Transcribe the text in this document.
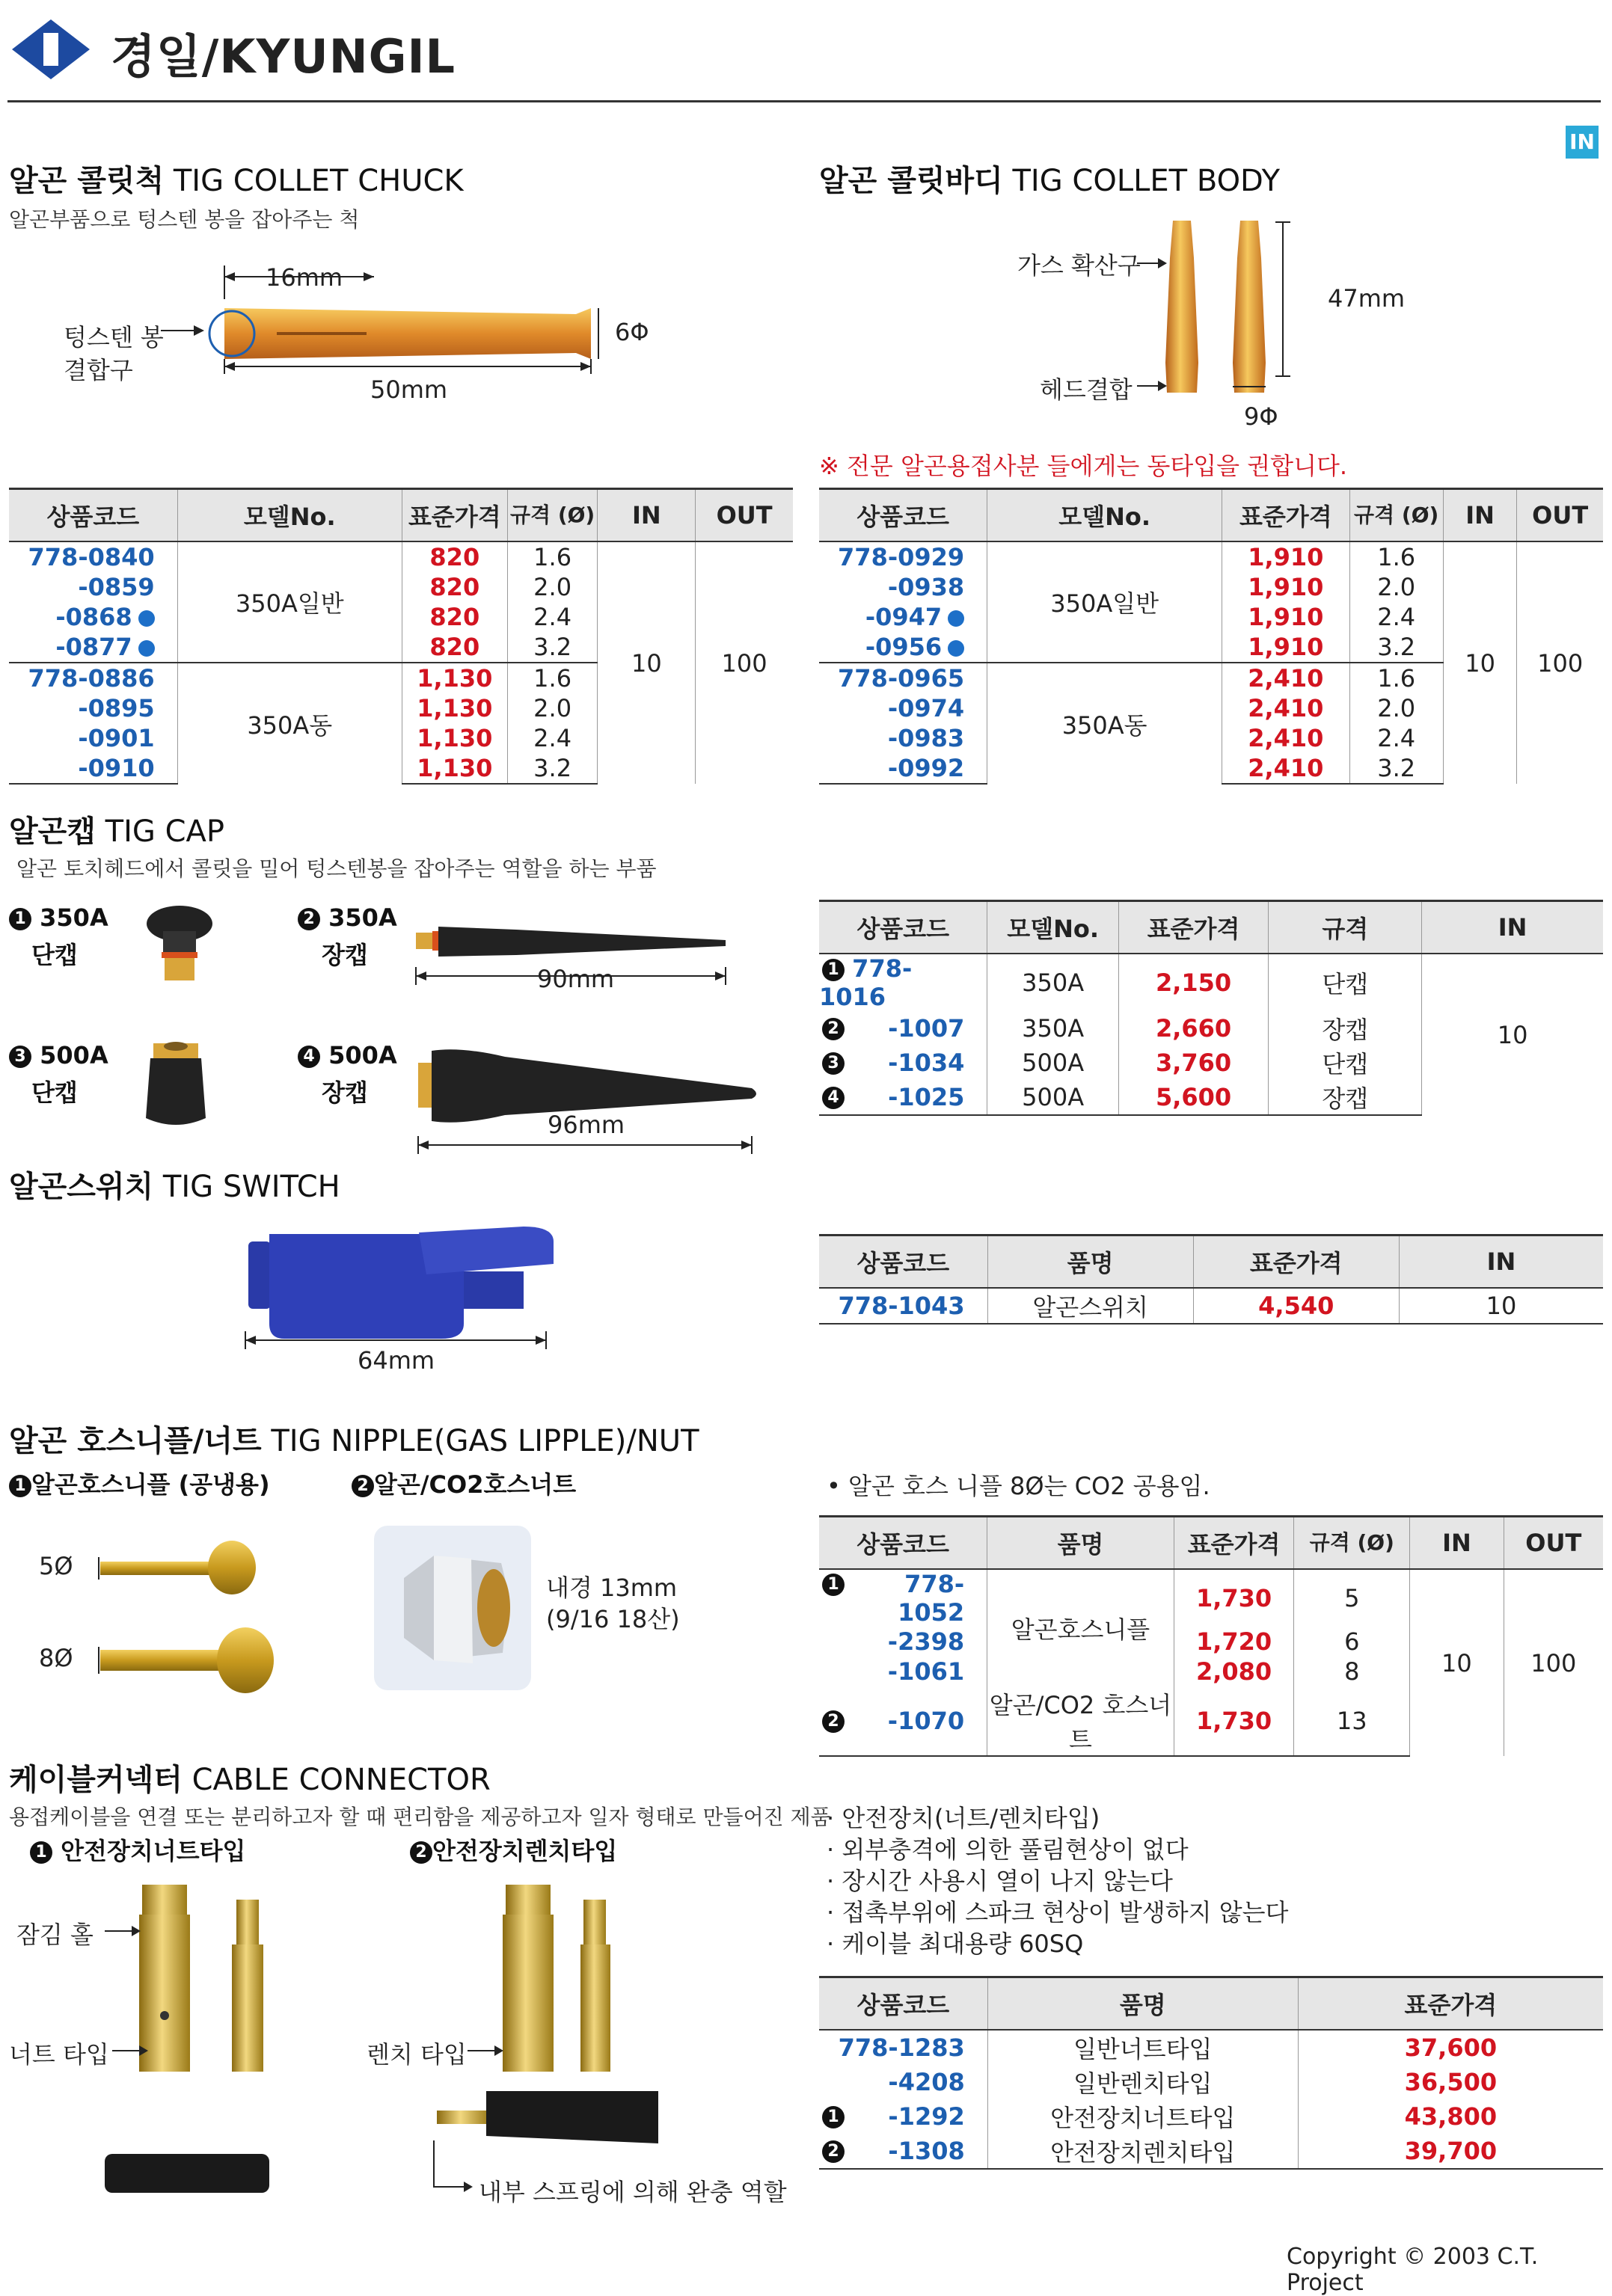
경일/KYUNGIL
IN
알곤 콜릿척 TIG COLLET CHUCK
알곤부품으로 텅스텐 봉을 잡아주는 척
16mm
6Φ
50mm
텅스텐 봉
결합구
상품코드	모델No.	표준가격	규격 (Ø)	IN	OUT
778-0840	350A일반	820	1.6	10	100
-0859		820	2.0		
-0868		820	2.4		
-0877		820	3.2		
778-0886	350A동	1,130	1.6		
-0895		1,130	2.0		
-0901		1,130	2.4		
-0910		1,130	3.2		
알곤 콜릿바디 TIG COLLET BODY
가스 확산구
헤드결합
47mm
9Φ
※ 전문 알곤용접사분 들에게는 동타입을 권합니다.
상품코드	모델No.	표준가격	규격 (Ø)	IN	OUT
778-0929	350A일반	1,910	1.6	10	100
-0938		1,910	2.0		
-0947		1,910	2.4		
-0956		1,910	3.2		
778-0965	350A동	2,410	1.6		
-0974		2,410	2.0		
-0983		2,410	2.4		
-0992		2,410	3.2		
알곤캡 TIG CAP
알곤 토치헤드에서 콜릿을 밀어 텅스텐봉을 잡아주는 역할을 하는 부품
1 350A
단캡
2 350A
장캡
90mm
3 500A
단캡
4 500A
장캡
96mm
상품코드	모델No.	표준가격	규격	IN
1 778-1016	350A	2,150	단캡	10

2 -1007	350A	2,660	장캡	

3 -1034	500A	3,760	단캡	

4 -1025	500A	5,600	장캡	
알곤스위치 TIG SWITCH
64mm
상품코드	품명	표준가격	IN
778-1043	알곤스위치	4,540	10
알곤 호스니플/너트 TIG NIPPLE(GAS LIPPLE)/NUT
1 알곤호스니플 (공냉용)	2 알곤/CO2호스너트
5Ø
8Ø
내경 13mm
(9/16 18산)
• 알곤 호스 니플 8Ø는 CO2 공용임.
상품코드	품명	표준가격	규격 (Ø)	IN	OUT

1 778-1052	알곤호스니플	1,730	5	10	100
-2398		1,720	6		
-1061		2,080	8		

2 -1070	알곤/CO2 호스너트	1,730	13		
케이블커넥터 CABLE CONNECTOR
용접케이블을 연결 또는 분리하고자 할 때 편리함을 제공하고자 일자 형태로 만들어진 제품
1 안전장치너트타입	2 안전장치렌치타입
잠김 홀
너트 타입	렌치 타입
내부 스프링에 의해 완충 역할
· 안전장치(너트/렌치타입)
· 외부충격에 의한 풀림현상이 없다
· 장시간 사용시 열이 나지 않는다
· 접촉부위에 스파크 현상이 발생하지 않는다
· 케이블 최대용량 60SQ
상품코드	품명	표준가격
778-1283	일반너트타입	37,600
-4208	일반렌치타입	36,500

1 -1292	안전장치너트타입	43,800

2 -1308	안전장치렌치타입	39,700
Copyright © 2003 C.T. Project
